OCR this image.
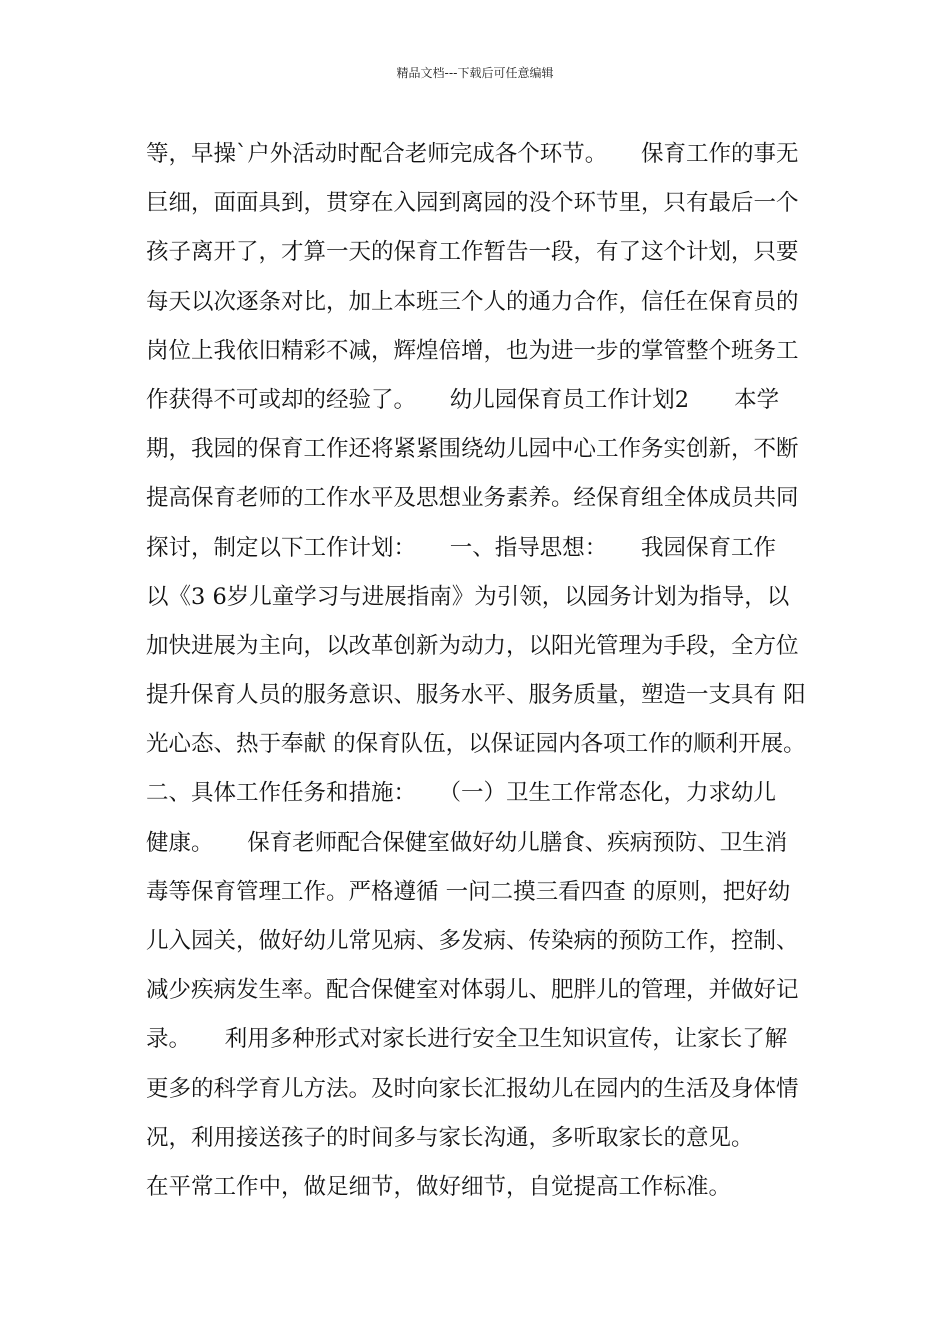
精品文档---下载后可任意编辑
等，早操`户外活动时配合老师完成各个环节。　　保育工作的事无
巨细，面面具到，贯穿在入园到离园的没个环节里，只有最后一个
孩子离开了，才算一天的保育工作暂告一段，有了这个计划，只要
每天以次逐条对比，加上本班三个人的通力合作，信任在保育员的
岗位上我依旧精彩不减，辉煌倍增，也为进一步的掌管整个班务工
作获得不可或却的经验了。　　幼儿园保育员工作计划2　　本学
期，我园的保育工作还将紧紧围绕幼儿园中心工作务实创新，不断
提高保育老师的工作水平及思想业务素养。经保育组全体成员共同
探讨，制定以下工作计划：　　一、指导思想：　　我园保育工作
以《3 6岁儿童学习与进展指南》为引领，以园务计划为指导，以
加快进展为主向，以改革创新为动力，以阳光管理为手段，全方位
提升保育人员的服务意识、服务水平、服务质量，塑造一支具有 阳
光心态、热于奉献 的保育队伍，以保证园内各项工作的顺利开展。
二、具体工作任务和措施：　　（一）卫生工作常态化，力求幼儿
健康。　　保育老师配合保健室做好幼儿膳食、疾病预防、卫生消
毒等保育管理工作。严格遵循 一问二摸三看四查 的原则，把好幼
儿入园关，做好幼儿常见病、多发病、传染病的预防工作，控制、
减少疾病发生率。配合保健室对体弱儿、肥胖儿的管理，并做好记
录。　　利用多种形式对家长进行安全卫生知识宣传，让家长了解
更多的科学育儿方法。及时向家长汇报幼儿在园内的生活及身体情
况，利用接送孩子的时间多与家长沟通，多听取家长的意见。
在平常工作中，做足细节，做好细节，自觉提高工作标准。
